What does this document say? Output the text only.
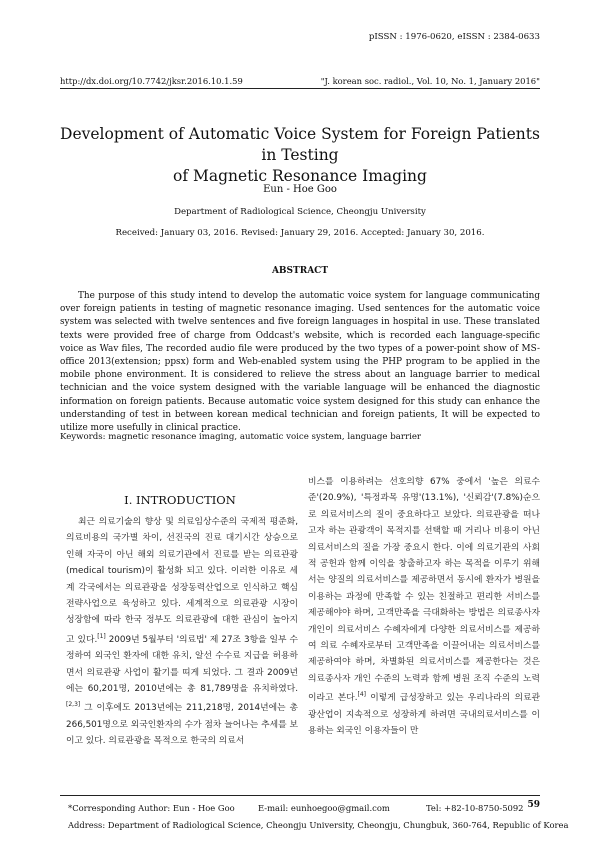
pISSN : 1976-0620, eISSN : 2384-0633
http://dx.doi.org/10.7742/jksr.2016.10.1.59	"J. korean soc. radiol., Vol. 10, No. 1, January 2016"
Development of Automatic Voice System for Foreign Patients in Testing
of Magnetic Resonance Imaging
Eun - Hoe Goo
Department of Radiological Science, Cheongju University
Received: January 03, 2016. Revised: January 29, 2016. Accepted: January 30, 2016.
ABSTRACT
The purpose of this study intend to develop the automatic voice system for language communicating over foreign patients in testing of magnetic resonance imaging. Used sentences for the automatic voice system was selected with twelve sentences and five foreign languages in hospital in use. These translated texts were provided free of charge from Oddcast's website, which is recorded each language-specific voice as Wav files, The recorded audio file were produced by the two types of a power-point show of MS-office 2013(extension; ppsx) form and Web-enabled system using the PHP program to be applied in the mobile phone environment. It is considered to relieve the stress about an language barrier to medical technician and the voice system designed with the variable language will be enhanced the diagnostic information on foreign patients. Because automatic voice system designed for this study can enhance the understanding of test in between korean medical technician and foreign patients, It will be expected to utilize more usefully in clinical practice.
Keywords: magnetic resonance imaging, automatic voice system, language barrier
Ⅰ. INTRODUCTION
최근 의료기술의 향상 및 의료임상수준의 국제적 평준화, 의료비용의 국가별 차이, 선진국의 진료 대기시간 상승으로 인해 자국이 아닌 해외 의료기관에서 진료를 받는 의료관광(medical tourism)이 활성화 되고 있다. 이러한 이유로 세계 각국에서는 의료관광을 성장동력산업으로 인식하고 핵심전략사업으로 육성하고 있다. 세계적으로 의료관광 시장이 성장함에 따라 한국 정부도 의료관광에 대한 관심이 높아지고 있다.[1] 2009년 5월부터 '의료법' 제 27조 3항을 일부 수정하여 외국인 환자에 대한 유치, 알선 수수료 지급을 허용하면서 의료관광 사업이 활기를 띠게 되었다. 그 결과 2009년에는 60,201명, 2010년에는 총 81,789명을 유치하였다.[2,3] 그 이후에도 2013년에는 211,218명, 2014년에는 총 266,501명으로 외국인환자의 수가 점차 늘어나는 추세를 보이고 있다. 의료관광을 목적으로 한국의 의료서
비스를 이용하려는 선호의향 67% 중에서 '높은 의료수준'(20.9%), '특정과목 유명'(13.1%), '신뢰감'(7.8%)순으로 의료서비스의 질이 중요하다고 보았다. 의료관광을 떠나고자 하는 관광객이 목적지를 선택할 때 거리나 비용이 아닌 의료서비스의 질을 가장 중요시 한다. 이에 의료기관의 사회적 공헌과 함께 이익을 창출하고자 하는 목적을 이루기 위해서는 양질의 의료서비스를 제공하면서 동시에 환자가 병원을 이용하는 과정에 만족할 수 있는 친절하고 편리한 서비스를 제공해야야 하며, 고객만족을 극대화하는 방법은 의료종사자 개인이 의료서비스 수혜자에게 다양한 의료서비스를 제공하여 의료 수혜자로부터 고객만족을 이끌어내는 의료서비스를 제공하여야 하며, 차별화된 의료서비스를 제공한다는 것은 의료종사자 개인 수준의 노력과 함께 병원 조직 수준의 노력이라고 본다.[4] 이렇게 급성장하고 있는 우리나라의 의료관광산업이 지속적으로 성장하게 하려면 국내의료서비스를 이용하는 외국인 이용자들이 만
*Corresponding Author: Eun - Hoe Goo	E-mail: eunhoegoo@gmail.com	Tel: +82-10-8750-5092
Address: Department of Radiological Science, Cheongju University, Cheongju, Chungbuk, 360-764, Republic of Korea
59
